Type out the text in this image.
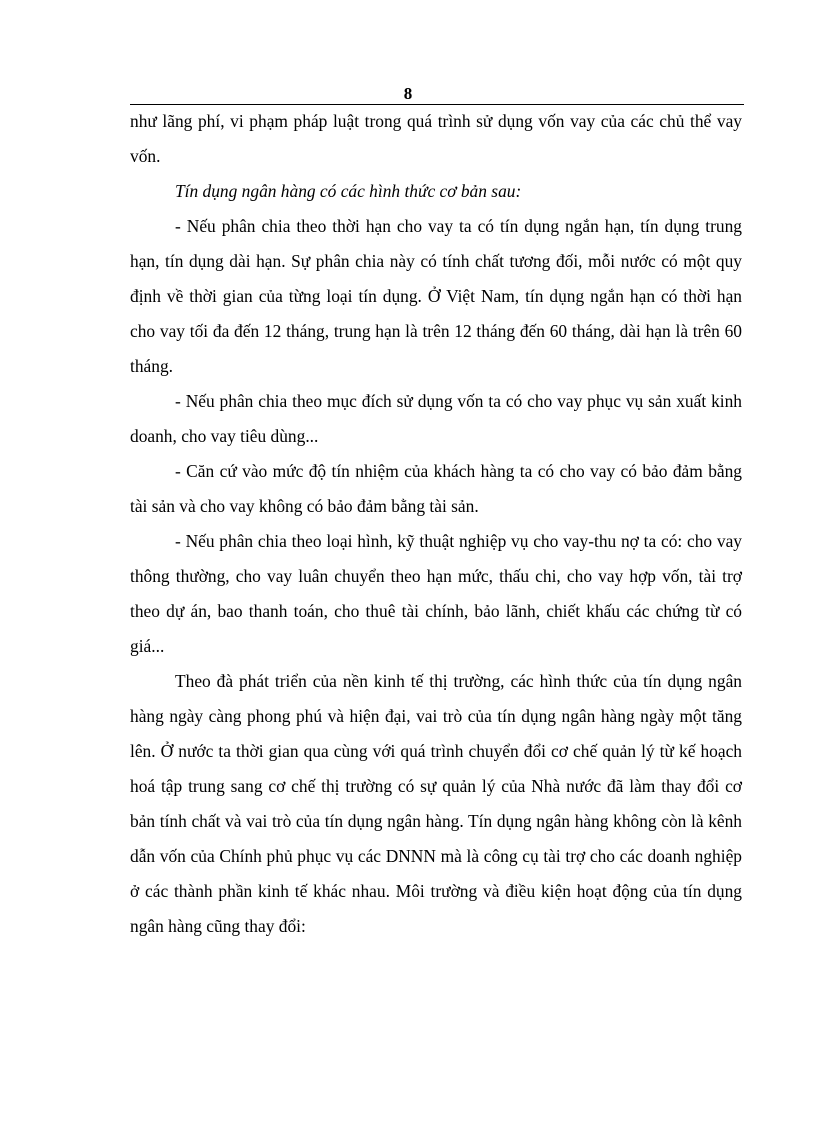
8

như lãng phí, vi phạm pháp luật trong quá trình sử dụng vốn vay của các chủ thể vay vốn.

Tín dụng ngân hàng có các hình thức cơ bản sau:

- Nếu phân chia theo thời hạn cho vay ta có tín dụng ngắn hạn, tín dụng trung hạn, tín dụng dài hạn. Sự phân chia này có tính chất tương đối, mỗi nước có một quy định về thời gian của từng loại tín dụng. Ở Việt Nam, tín dụng ngắn hạn có thời hạn cho vay tối đa đến 12 tháng, trung hạn là trên 12 tháng đến 60 tháng, dài hạn là trên 60 tháng.

- Nếu phân chia theo mục đích sử dụng vốn ta có cho vay phục vụ sản xuất kinh doanh, cho vay tiêu dùng...

- Căn cứ vào mức độ tín nhiệm của khách hàng ta có cho vay có bảo đảm bằng tài sản và cho vay không có bảo đảm bằng tài sản.

- Nếu phân chia theo loại hình, kỹ thuật nghiệp vụ cho vay-thu nợ ta có: cho vay thông thường, cho vay luân chuyển theo hạn mức, thấu chi, cho vay hợp vốn, tài trợ theo dự án, bao thanh toán, cho thuê tài chính, bảo lãnh, chiết khấu các chứng từ có giá...

Theo đà phát triển của nền kinh tế thị trường, các hình thức của tín dụng ngân hàng ngày càng phong phú và hiện đại, vai trò của tín dụng ngân hàng ngày một tăng lên. Ở nước ta thời gian qua cùng với quá trình chuyển đổi cơ chế quản lý từ kế hoạch hoá tập trung sang cơ chế thị trường có sự quản lý của Nhà nước đã làm thay đổi cơ bản tính chất và vai trò của tín dụng ngân hàng. Tín dụng ngân hàng không còn là kênh dẫn vốn của Chính phủ phục vụ các DNNN mà là công cụ tài trợ cho các doanh nghiệp ở các thành phần kinh tế khác nhau. Môi trường và điều kiện hoạt động của tín dụng ngân hàng cũng thay đổi:
